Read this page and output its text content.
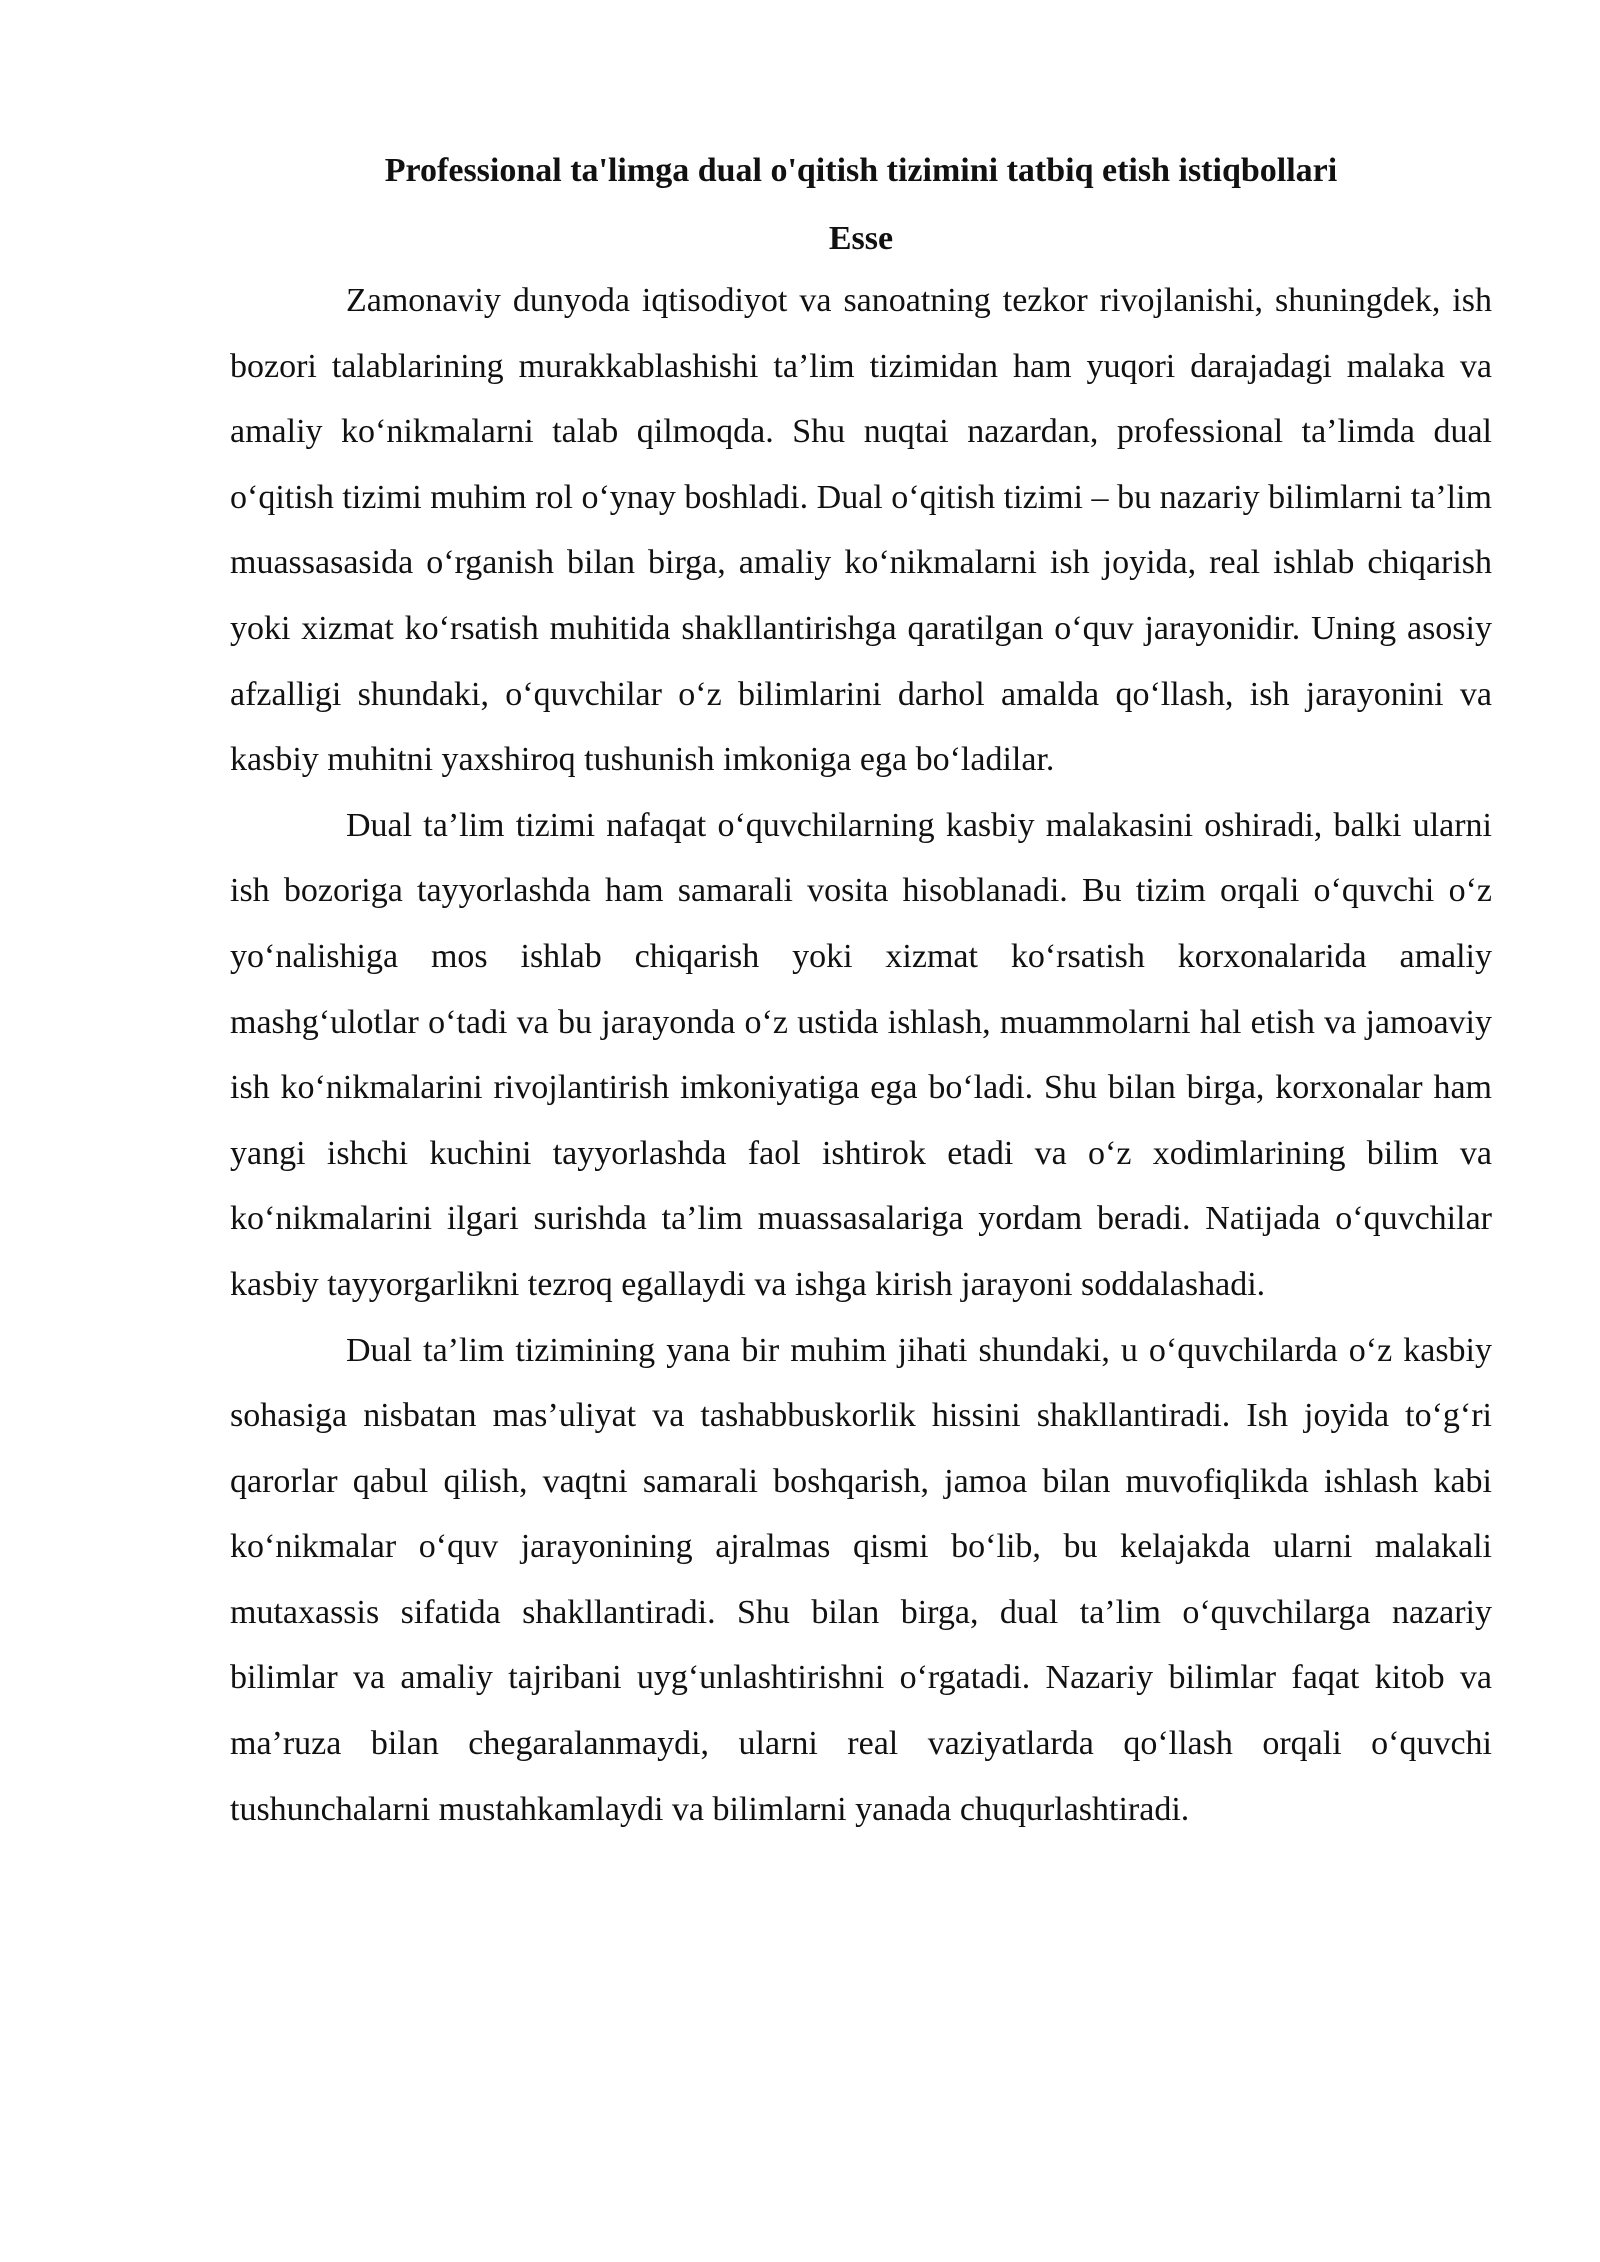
Professional ta'limga dual o'qitish tizimini tatbiq etish istiqbollari
Esse

Zamonaviy dunyoda iqtisodiyot va sanoatning tezkor rivojlanishi, shuningdek, ish bozori talablarining murakkablashishi ta’lim tizimidan ham yuqori darajadagi malaka va amaliy ko‘nikmalarni talab qilmoqda. Shu nuqtai nazardan, professional ta’limda dual o‘qitish tizimi muhim rol o‘ynay boshladi. Dual o‘qitish tizimi – bu nazariy bilimlarni ta’lim muassasasida o‘rganish bilan birga, amaliy ko‘nikmalarni ish joyida, real ishlab chiqarish yoki xizmat ko‘rsatish muhitida shakllantirishga qaratilgan o‘quv jarayonidir. Uning asosiy afzalligi shundaki, o‘quvchilar o‘z bilimlarini darhol amalda qo‘llash, ish jarayonini va kasbiy muhitni yaxshiroq tushunish imkoniga ega bo‘ladilar.

Dual ta’lim tizimi nafaqat o‘quvchilarning kasbiy malakasini oshiradi, balki ularni ish bozoriga tayyorlashda ham samarali vosita hisoblanadi. Bu tizim orqali o‘quvchi o‘z yo‘nalishiga mos ishlab chiqarish yoki xizmat ko‘rsatish korxonalarida amaliy mashg‘ulotlar o‘tadi va bu jarayonda o‘z ustida ishlash, muammolarni hal etish va jamoaviy ish ko‘nikmalarini rivojlantirish imkoniyatiga ega bo‘ladi. Shu bilan birga, korxonalar ham yangi ishchi kuchini tayyorlashda faol ishtirok etadi va o‘z xodimlarining bilim va ko‘nikmalarini ilgari surishda ta’lim muassasalariga yordam beradi. Natijada o‘quvchilar kasbiy tayyorgarlikni tezroq egallaydi va ishga kirish jarayoni soddalashadi.

Dual ta’lim tizimining yana bir muhim jihati shundaki, u o‘quvchilarda o‘z kasbiy sohasiga nisbatan mas’uliyat va tashabbuskorlik hissini shakllantiradi. Ish joyida to‘g‘ri qarorlar qabul qilish, vaqtni samarali boshqarish, jamoa bilan muvofiqlikda ishlash kabi ko‘nikmalar o‘quv jarayonining ajralmas qismi bo‘lib, bu kelajakda ularni malakali mutaxassis sifatida shakllantiradi. Shu bilan birga, dual ta’lim o‘quvchilarga nazariy bilimlar va amaliy tajribani uyg‘unlashtirishni o‘rgatadi. Nazariy bilimlar faqat kitob va ma’ruza bilan chegaralanmaydi, ularni real vaziyatlarda qo‘llash orqali o‘quvchi tushunchalarni mustahkamlaydi va bilimlarni yanada chuqurlashtiradi.
